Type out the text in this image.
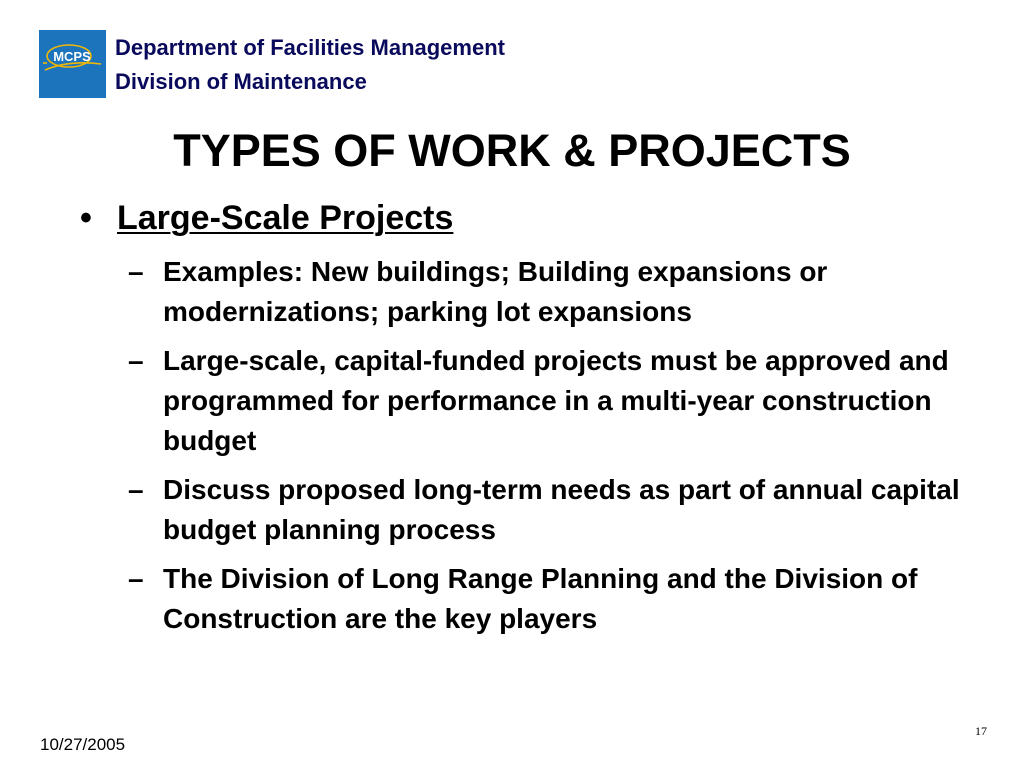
MCPS Department of Facilities Management
Division of Maintenance
TYPES OF WORK & PROJECTS
• Large-Scale Projects
– Examples: New buildings; Building expansions or modernizations; parking lot expansions
– Large-scale, capital-funded projects must be approved and programmed for performance in a multi-year construction budget
– Discuss proposed long-term needs as part of annual capital budget planning process
– The Division of Long Range Planning and the Division of Construction are the key players
10/27/2005
17
